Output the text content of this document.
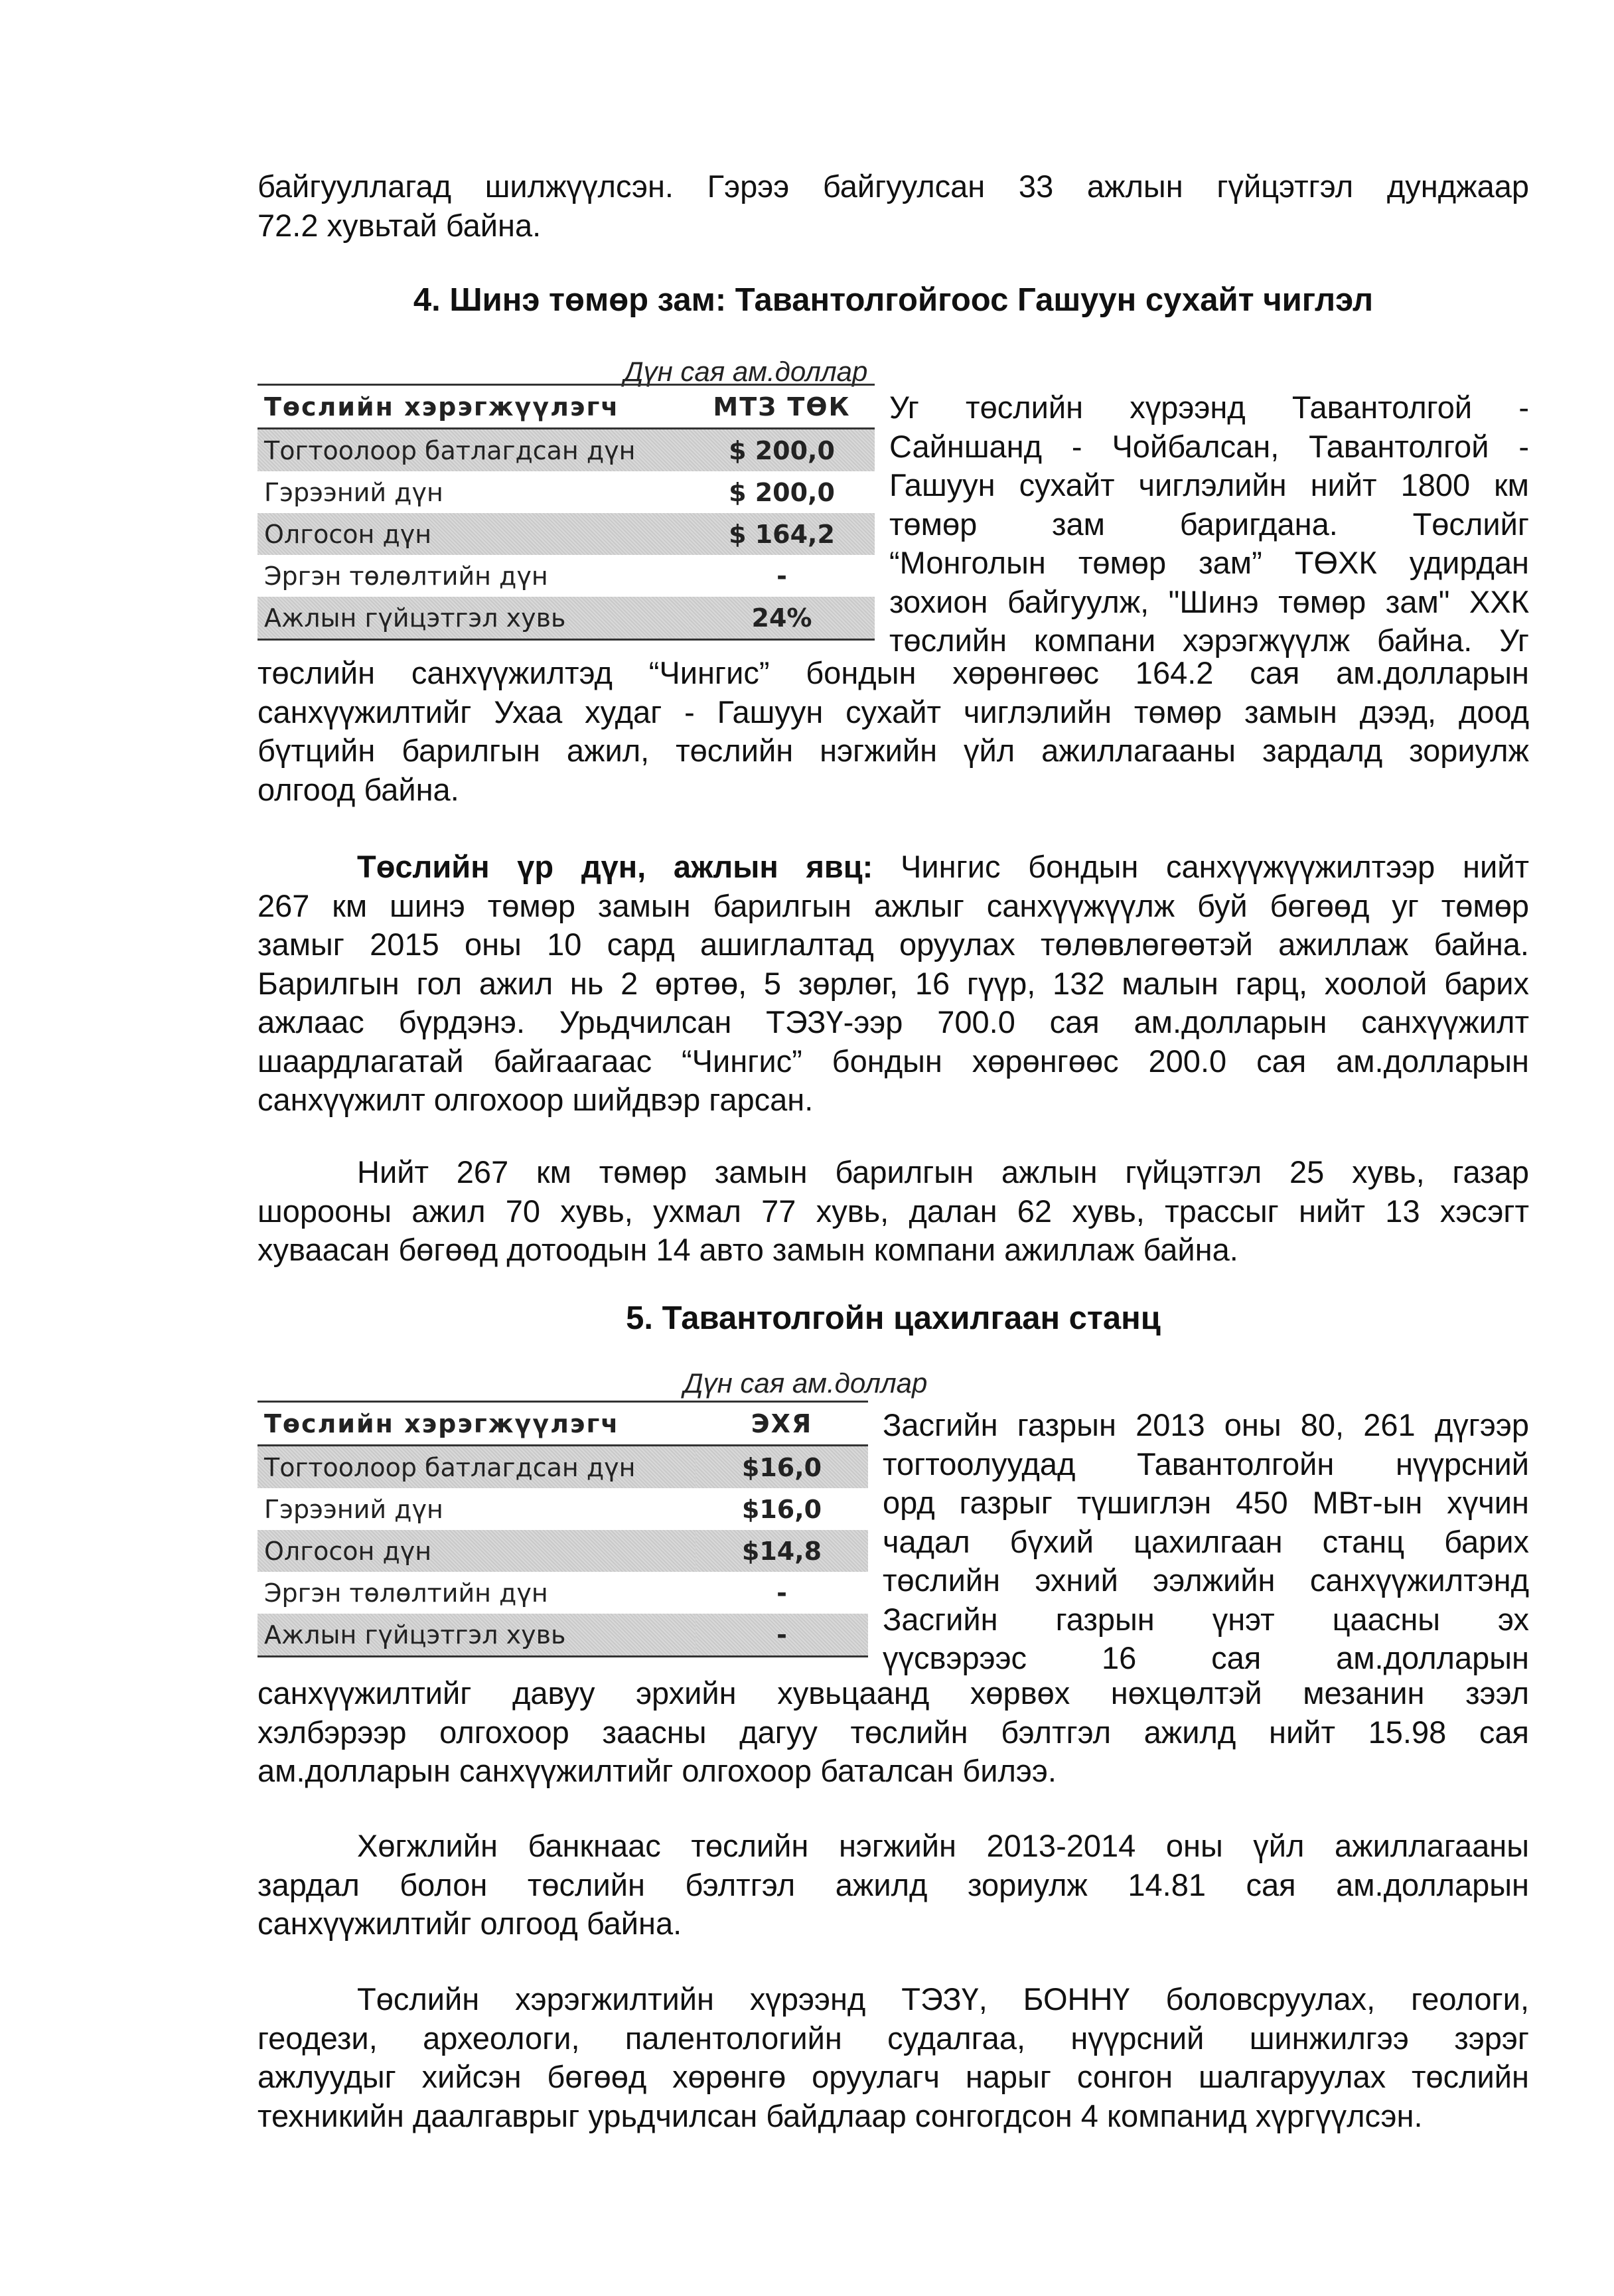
байгууллагад шилжүүлсэн. Гэрээ байгуулсан 33 ажлын гүйцэтгэл дунджаар
72.2 хувьтай байна.
4. Шинэ төмөр зам: Тавантолгойгоос Гашуун сухайт чиглэл
Дүн сая ам.доллар
Төслийн хэрэгжүүлэгч	МТЗ ТӨК
Тогтоолоор батлагдсан дүн	$ 200,0
Гэрээний дүн	$ 200,0
Олгосон дүн	$ 164,2
Эргэн төлөлтийн дүн	-
Ажлын гүйцэтгэл хувь	24%
Уг төслийн хүрээнд Тавантолгой -
Сайншанд - Чойбалсан, Тавантолгой -
Гашуун сухайт чиглэлийн нийт 1800 км
төмөр зам баригдана. Төслийг
“Монголын төмөр зам” ТӨХК удирдан
зохион байгуулж, "Шинэ төмөр зам" ХХК
төслийн компани хэрэгжүүлж байна. Уг
төслийн санхүүжилтэд “Чингис” бондын хөрөнгөөс 164.2 сая ам.долларын
санхүүжилтийг Ухаа худаг - Гашуун сухайт чиглэлийн төмөр замын дээд, доод
бүтцийн барилгын ажил, төслийн нэгжийн үйл ажиллагааны зардалд зориулж
олгоод байна.
Төслийн үр дүн, ажлын явц: Чингис бондын санхүүжүүжилтээр нийт
267 км шинэ төмөр замын барилгын ажлыг санхүүжүүлж буй бөгөөд уг төмөр
замыг 2015 оны 10 сард ашиглалтад оруулах төлөвлөгөөтэй ажиллаж байна.
Барилгын гол ажил нь 2 өртөө, 5 зөрлөг, 16 гүүр, 132 малын гарц, хоолой барих
ажлаас бүрдэнэ. Урьдчилсан ТЭЗҮ-ээр 700.0 сая ам.долларын санхүүжилт
шаардлагатай байгаагаас “Чингис” бондын хөрөнгөөс 200.0 сая ам.долларын
санхүүжилт олгохоор шийдвэр гарсан.
Нийт 267 км төмөр замын барилгын ажлын гүйцэтгэл 25 хувь, газар
шорооны ажил 70 хувь, ухмал 77 хувь, далан 62 хувь, трассыг нийт 13 хэсэгт
хуваасан бөгөөд дотоодын 14 авто замын компани ажиллаж байна.
5. Тавантолгойн цахилгаан станц
Дүн сая ам.доллар
Төслийн хэрэгжүүлэгч	ЭХЯ
Тогтоолоор батлагдсан дүн	$16,0
Гэрээний дүн	$16,0
Олгосон дүн	$14,8
Эргэн төлөлтийн дүн	-
Ажлын гүйцэтгэл хувь	-
Засгийн газрын 2013 оны 80, 261 дүгээр
тогтоолуудад Тавантолгойн нүүрсний
орд газрыг түшиглэн 450 МВт-ын хүчин
чадал бүхий цахилгаан станц барих
төслийн эхний ээлжийн санхүүжилтэнд
Засгийн газрын үнэт цаасны эх
үүсвэрээс 16 сая ам.долларын
санхүүжилтийг давуу эрхийн хувьцаанд хөрвөх нөхцөлтэй мезанин зээл
хэлбэрээр олгохоор заасны дагуу төслийн бэлтгэл ажилд нийт 15.98 сая
ам.долларын санхүүжилтийг олгохоор баталсан билээ.
Хөгжлийн банкнаас төслийн нэгжийн 2013-2014 оны үйл ажиллагааны
зардал болон төслийн бэлтгэл ажилд зориулж 14.81 сая ам.долларын
санхүүжилтийг олгоод байна.
Төслийн хэрэгжилтийн хүрээнд ТЭЗҮ, БОННҮ боловсруулах, геологи,
геодези, археологи, палентологийн судалгаа, нүүрсний шинжилгээ зэрэг
ажлуудыг хийсэн бөгөөд хөрөнгө оруулагч нарыг сонгон шалгаруулах төслийн
техникийн даалгаврыг урьдчилсан байдлаар сонгогдсон 4 компанид хүргүүлсэн.
